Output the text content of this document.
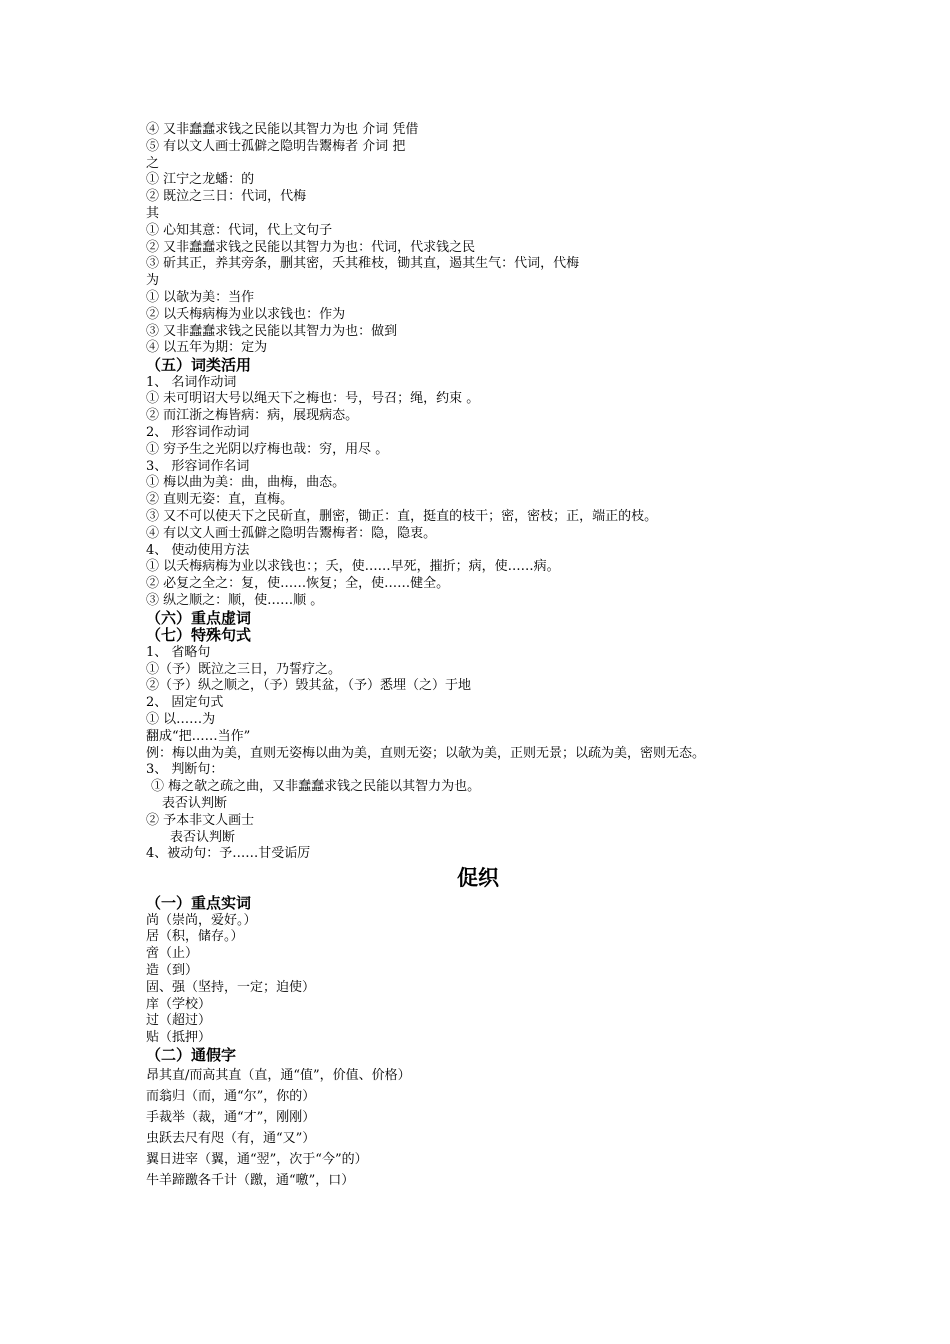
④ 又非蠢蠢求钱之民能以其智力为也 介词 凭借
⑤ 有以文人画士孤僻之隐明告鬻梅者 介词 把
之
① 江宁之龙蟠：的
② 既泣之三日：代词，代梅
其
① 心知其意：代词，代上文句子
② 又非蠢蠢求钱之民能以其智力为也：代词，代求钱之民
③ 斫其正，养其旁条，删其密，夭其稚枝，锄其直，遏其生气：代词，代梅
为
① 以欹为美：当作
② 以夭梅病梅为业以求钱也：作为
③ 又非蠢蠢求钱之民能以其智力为也：做到
④ 以五年为期：定为
（五）词类活用
1、 名词作动词
① 未可明诏大号以绳天下之梅也：号，号召；绳，约束 。
② 而江浙之梅皆病：病，展现病态。
2、 形容词作动词
① 穷予生之光阴以疗梅也哉：穷，用尽 。
3、 形容词作名词
① 梅以曲为美：曲，曲梅，曲态。
② 直则无姿：直，直梅。
③ 又不可以使天下之民斫直，删密，锄正：直，挺直的枝干；密，密枝；正，端正的枝。
④ 有以文人画士孤僻之隐明告鬻梅者：隐，隐衷。
4、 使动使用方法
① 以夭梅病梅为业以求钱也：；夭，使……早死，摧折；病，使……病。
② 必复之全之：复，使……恢复；全，使……健全。
③ 纵之顺之：顺，使……顺 。
（六）重点虚词
（七）特殊句式
1、 省略句
①（予）既泣之三日，乃誓疗之。
②（予）纵之顺之，（予）毁其盆，（予）悉埋（之）于地
2、 固定句式
① 以……为
翻成“把……当作”
例：梅以曲为美，直则无姿梅以曲为美，直则无姿；以欹为美，正则无景；以疏为美，密则无态。
3、 判断句：
① 梅之欹之疏之曲，又非蠢蠢求钱之民能以其智力为也。
表否认判断
② 予本非文人画士
表否认判断
4、被动句：予……甘受诟厉
促织
（一）重点实词
尚（崇尚，爱好。）
居（积，储存。）
啻（止）
造（到）
固、强（坚持，一定；迫使）
庠（学校）
过（超过）
贴（抵押）
（二）通假字
昂其直/而高其直（直，通“值”，价值、价格）
而翁归（而，通“尔”，你的）
手裁举（裁，通“才”，刚刚）
虫跃去尺有咫（有，通“又”）
翼日进宰（翼，通“翌”，次于“今”的）
牛羊蹄躈各千计（躈，通“噭”，口）
